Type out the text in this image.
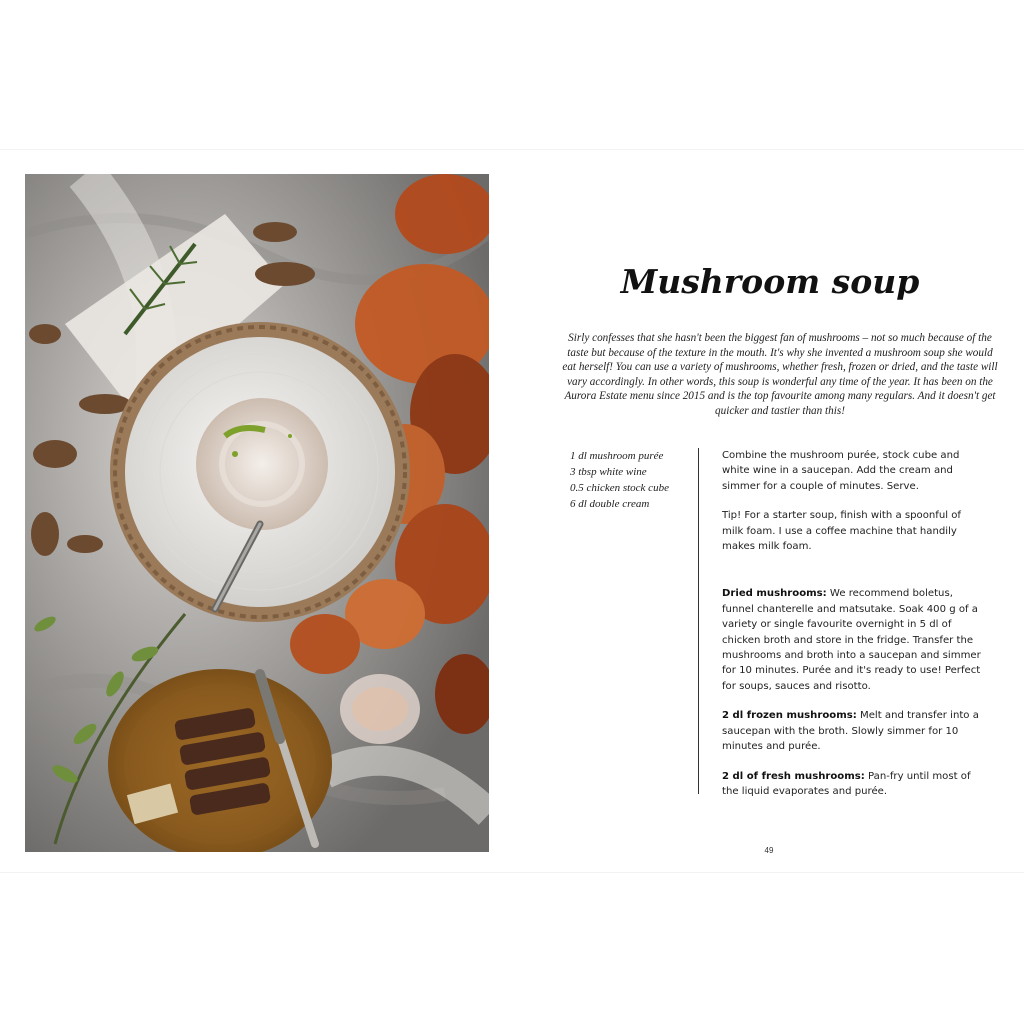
Mushroom soup

Sirly confesses that she hasn't been the biggest fan of mushrooms – not so much because of the taste but because of the texture in the mouth. It's why she invented a mushroom soup she would eat herself! You can use a variety of mushrooms, whether fresh, frozen or dried, and the taste will vary accordingly. In other words, this soup is wonderful any time of the year. It has been on the Aurora Estate menu since 2015 and is the top favourite among many regulars. And it doesn't get quicker and tastier than this!

1 dl mushroom purée
3 tbsp white wine
0.5 chicken stock cube
6 dl double cream

Combine the mushroom purée, stock cube and white wine in a saucepan. Add the cream and simmer for a couple of minutes. Serve.

Tip! For a starter soup, finish with a spoonful of milk foam. I use a coffee machine that handily makes milk foam.

Dried mushrooms: We recommend boletus, funnel chanterelle and matsutake. Soak 400 g of a variety or single favourite overnight in 5 dl of chicken broth and store in the fridge. Transfer the mushrooms and broth into a saucepan and simmer for 10 minutes. Purée and it's ready to use! Perfect for soups, sauces and risotto.

2 dl frozen mushrooms: Melt and transfer into a saucepan with the broth. Slowly simmer for 10 minutes and purée.

2 dl of fresh mushrooms: Pan-fry until most of the liquid evaporates and purée.

49
